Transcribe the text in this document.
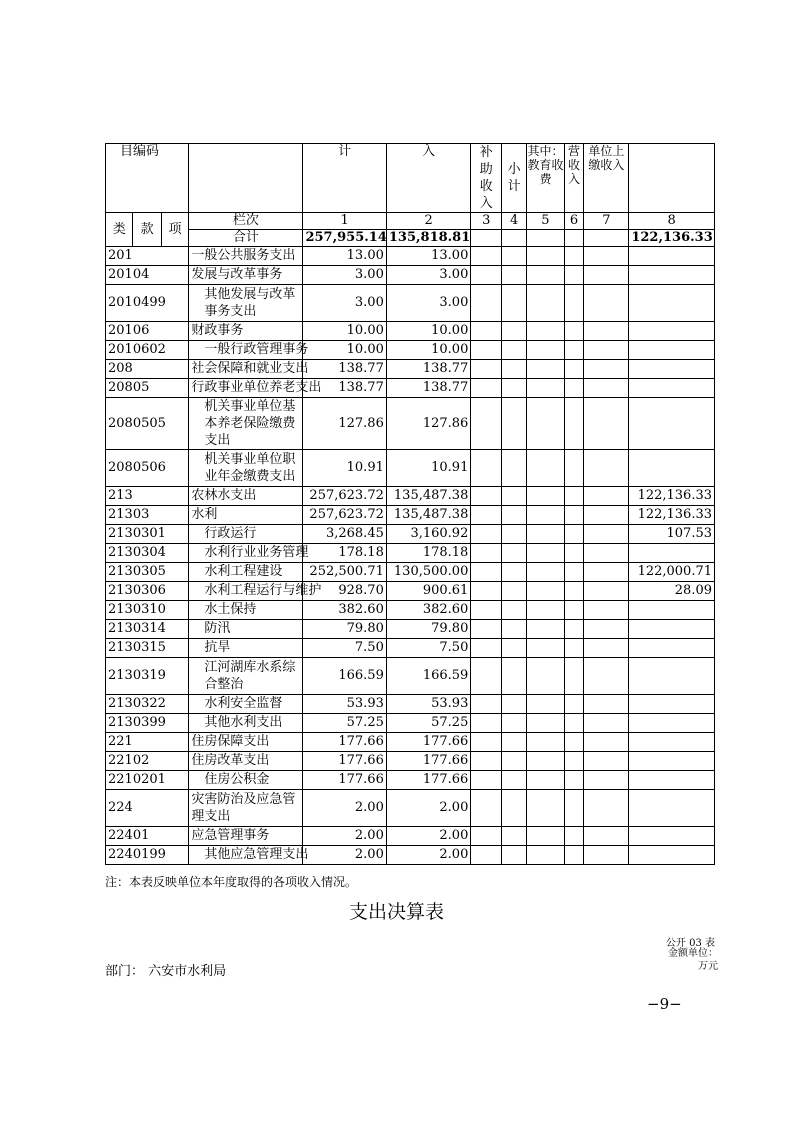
目编码				计	入	补助收入	小计	其中：教育收费	营收入	单位上缴收入	
类	款	项	栏次	1	2	3	4	5	6	7	8
			合计	257,955.14	135,818.81						122,136.33
201			一般公共服务支出	13.00	13.00						
20104			发展与改革事务	3.00	3.00						
2010499			其他发展与改革事务支出	3.00	3.00						
20106			财政事务	10.00	10.00						
2010602			一般行政管理事务	10.00	10.00						
208			社会保障和就业支出	138.77	138.77						
20805			行政事业单位养老支出	138.77	138.77						
2080505			机关事业单位基本养老保险缴费支出	127.86	127.86						
2080506			机关事业单位职业年金缴费支出	10.91	10.91						
213			农林水支出	257,623.72	135,487.38						122,136.33
21303			水利	257,623.72	135,487.38						122,136.33
2130301			行政运行	3,268.45	3,160.92						107.53
2130304			水利行业业务管理	178.18	178.18						
2130305			水利工程建设	252,500.71	130,500.00						122,000.71
2130306			水利工程运行与维护	928.70	900.61						28.09
2130310			水土保持	382.60	382.60						
2130314			防汛	79.80	79.80						
2130315			抗旱	7.50	7.50						
2130319			江河湖库水系综合整治	166.59	166.59						
2130322			水利安全监督	53.93	53.93						
2130399			其他水利支出	57.25	57.25						
221			住房保障支出	177.66	177.66						
22102			住房改革支出	177.66	177.66						
2210201			住房公积金	177.66	177.66						
224			灾害防治及应急管理支出	2.00	2.00						
22401			应急管理事务	2.00	2.00						
2240199			其他应急管理支出	2.00	2.00						
注：本表反映单位本年度取得的各项收入情况。
支出决算表
公开 03 表
金额单位：万元
部门： 六安市水利局
−9−
